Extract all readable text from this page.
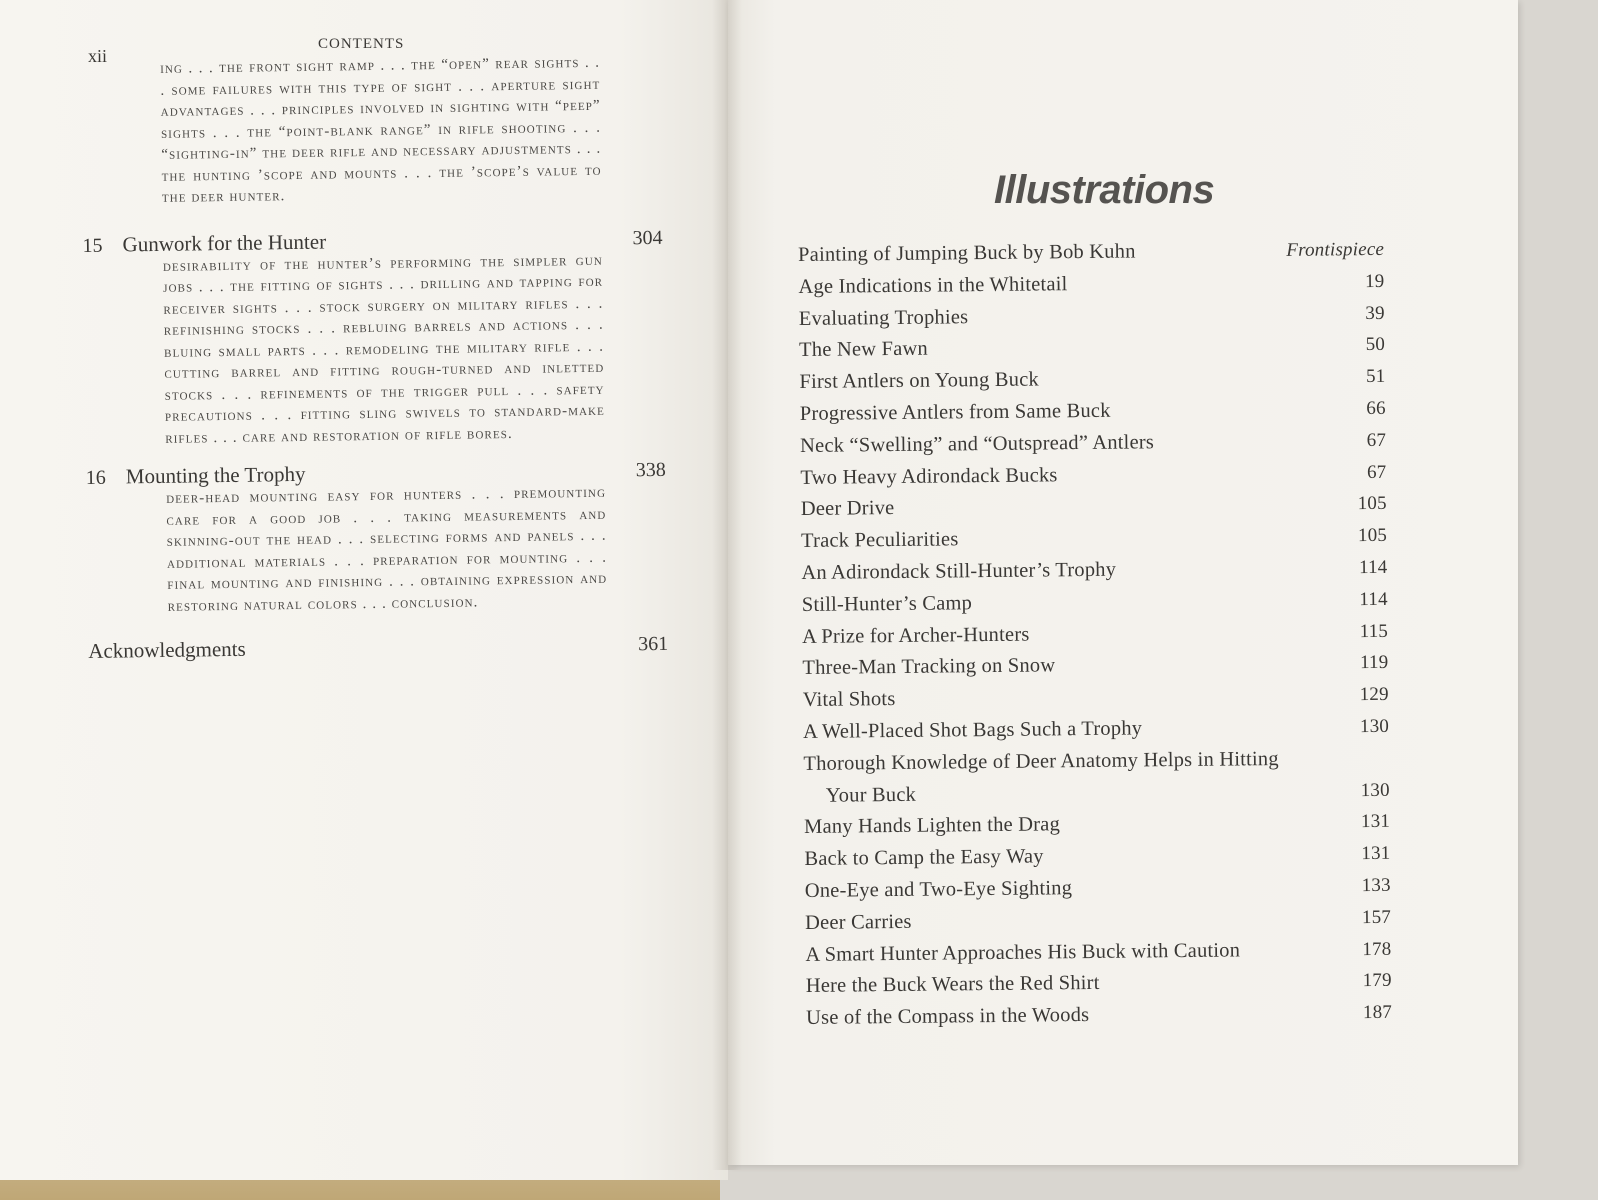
xii
CONTENTS
ing . . . the front sight ramp . . . the “open” rear sights . . . some failures with this type of sight . . . aperture sight advantages . . . principles involved in sighting with “peep” sights . . . the “point-blank range” in rifle shooting . . . “sighting-in” the deer rifle and necessary adjustments . . . the hunting ’scope and mounts . . . the ’scope’s value to the deer hunter.
15 Gunwork for the Hunter	304
desirability of the hunter’s performing the simpler gun jobs . . . the fitting of sights . . . drilling and tapping for receiver sights . . . stock surgery on military rifles . . . refinishing stocks . . . rebluing barrels and actions . . . bluing small parts . . . remodeling the military rifle . . . cutting barrel and fitting rough-turned and inletted stocks . . . refinements of the trigger pull . . . safety precautions . . . fitting sling swivels to standard-make rifles . . . care and restoration of rifle bores.
16 Mounting the Trophy	338
deer-head mounting easy for hunters . . . premounting care for a good job . . . taking measurements and skinning-out the head . . . selecting forms and panels . . . additional materials . . . preparation for mounting . . . final mounting and finishing . . . obtaining expression and restoring natural colors . . . conclusion.
Acknowledgments	361
Illustrations
Painting of Jumping Buck by Bob Kuhn	Frontispiece
Age Indications in the Whitetail	19
Evaluating Trophies	39
The New Fawn	50
First Antlers on Young Buck	51
Progressive Antlers from Same Buck	66
Neck “Swelling” and “Outspread” Antlers	67
Two Heavy Adirondack Bucks	67
Deer Drive	105
Track Peculiarities	105
An Adirondack Still-Hunter’s Trophy	114
Still-Hunter’s Camp	114
A Prize for Archer-Hunters	115
Three-Man Tracking on Snow	119
Vital Shots	129
A Well-Placed Shot Bags Such a Trophy	130
Thorough Knowledge of Deer Anatomy Helps in Hitting
Your Buck	130
Many Hands Lighten the Drag	131
Back to Camp the Easy Way	131
One-Eye and Two-Eye Sighting	133
Deer Carries	157
A Smart Hunter Approaches His Buck with Caution	178
Here the Buck Wears the Red Shirt	179
Use of the Compass in the Woods	187
